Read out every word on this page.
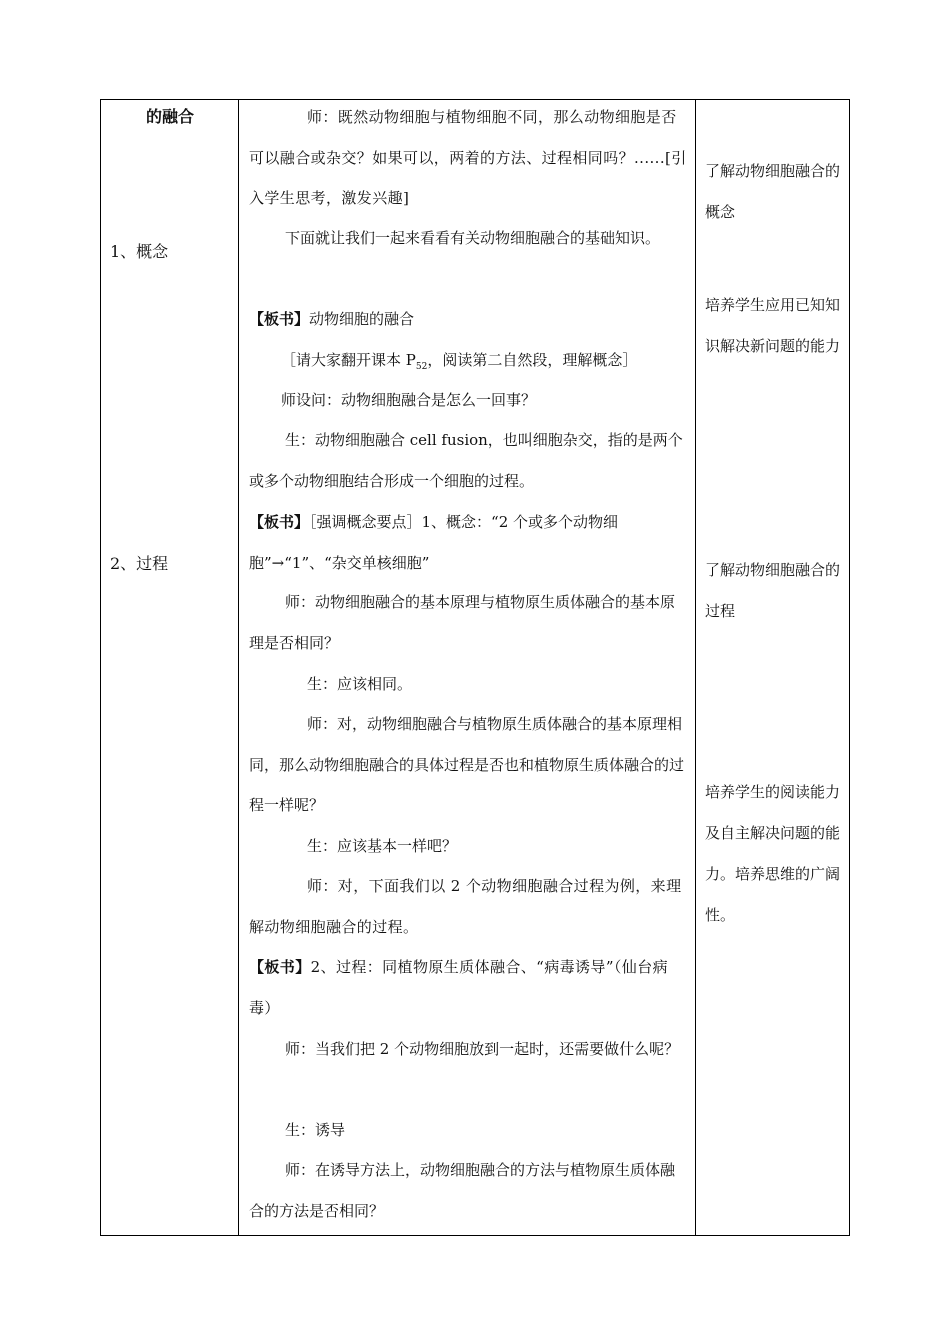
的融合
1、概念
2、过程
师：既然动物细胞与植物细胞不同，那么动物细胞是否可以融合或杂交？如果可以，两着的方法、过程相同吗？......[引入学生思考，激发兴趣]
下面就让我们一起来看看有关动物细胞融合的基础知识。
【板书】动物细胞的融合
［请大家翻开课本 $P_{52}$，阅读第二自然段，理解概念］
师设问：动物细胞融合是怎么一回事？
生：动物细胞融合 cell fusion，也叫细胞杂交，指的是两个或多个动物细胞结合形成一个细胞的过程。
【板书】［强调概念要点］1、概念：“2 个或多个动物细胞”→“1”、“杂交单核细胞”
师：动物细胞融合的基本原理与植物原生质体融合的基本原理是否相同？
生：应该相同。
师：对，动物细胞融合与植物原生质体融合的基本原理相同，那么动物细胞融合的具体过程是否也和植物原生质体融合的过程一样呢？
生：应该基本一样吧？
师：对，下面我们以 2 个动物细胞融合过程为例，来理解动物细胞融合的过程。
【板书】2、过程：同植物原生质体融合、“病毒诱导”（仙台病毒）
师：当我们把 2 个动物细胞放到一起时，还需要做什么呢？
生：诱导
师：在诱导方法上，动物细胞融合的方法与植物原生质体融合的方法是否相同？
了解动物细胞融合的概念
培养学生应用已知知识解决新问题的能力
了解动物细胞融合的过程
培养学生的阅读能力及自主解决问题的能力。培养思维的广阔性。
